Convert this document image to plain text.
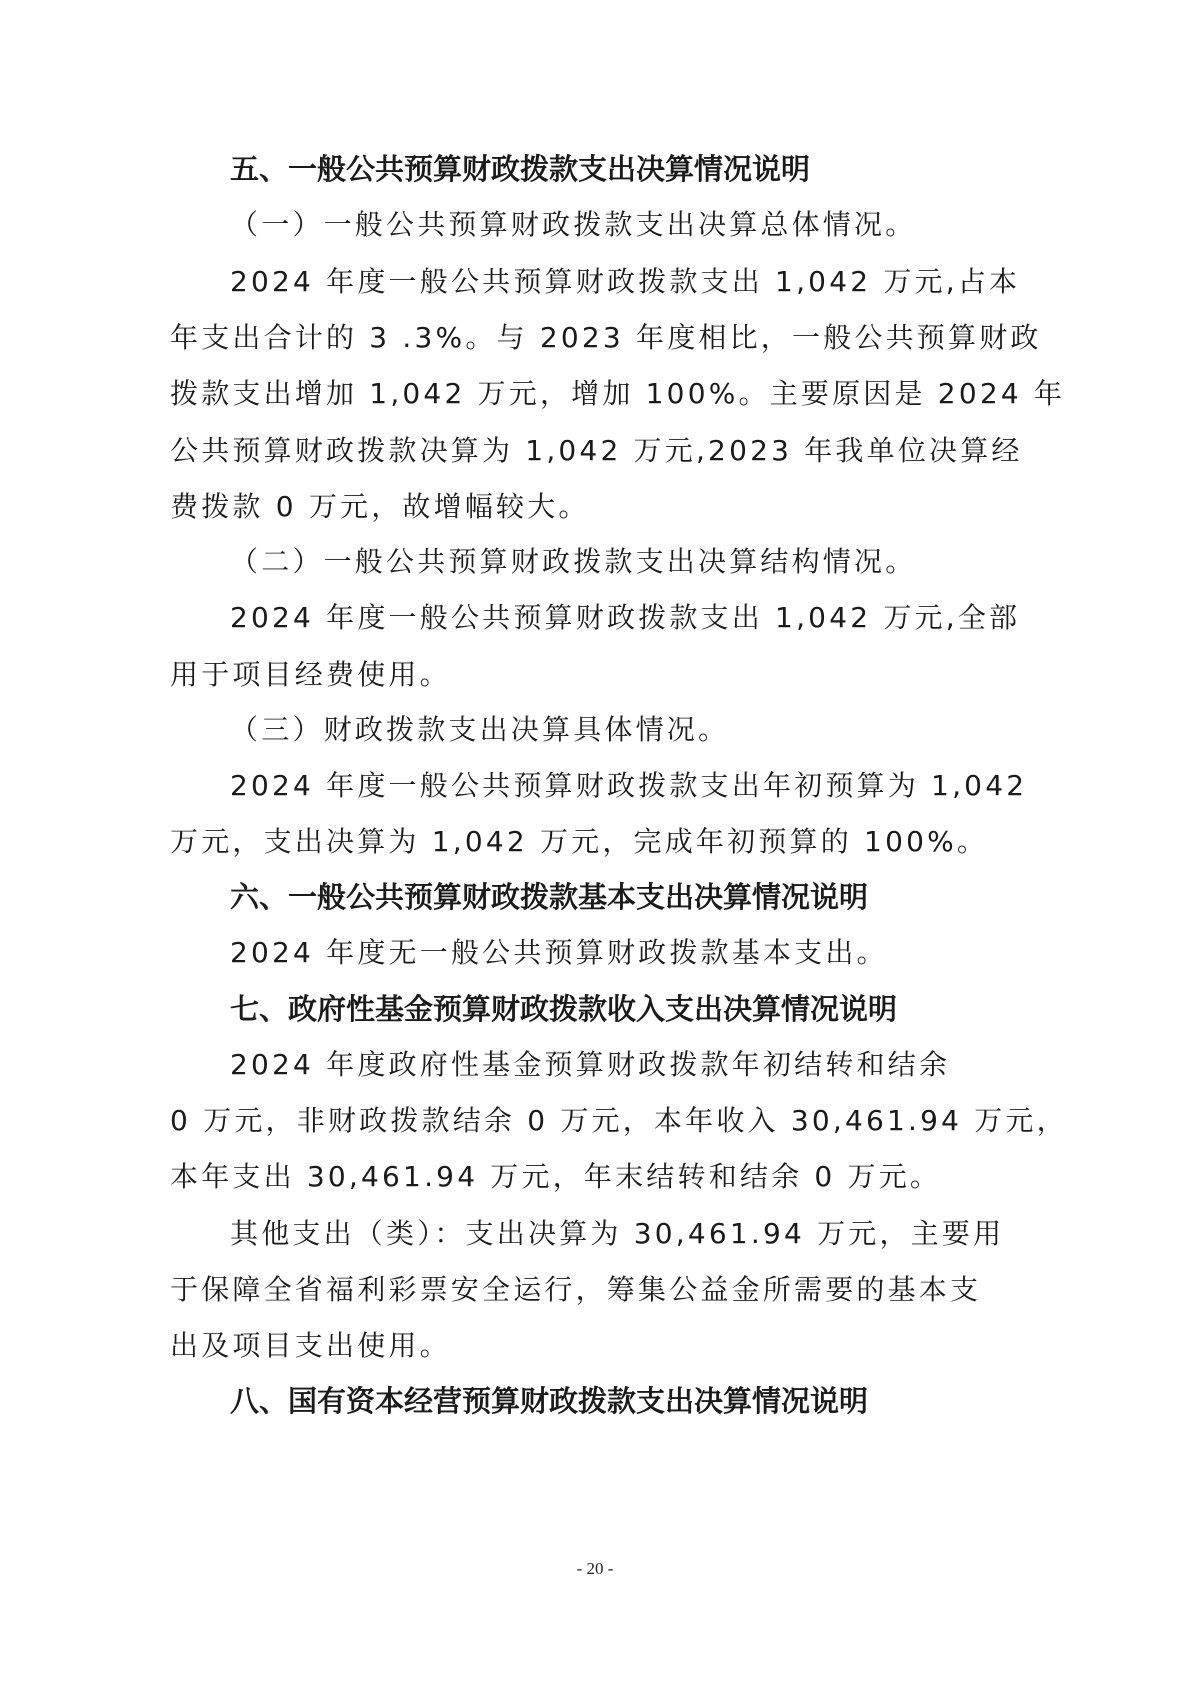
五、一般公共预算财政拨款支出决算情况说明
（一）一般公共预算财政拨款支出决算总体情况。
2024 年度一般公共预算财政拨款支出 1,042 万元,占本
年支出合计的 3 .3%。与 2023 年度相比，一般公共预算财政
拨款支出增加 1,042 万元，增加 100%。主要原因是 2024 年
公共预算财政拨款决算为 1,042 万元,2023 年我单位决算经
费拨款 0 万元，故增幅较大。
（二）一般公共预算财政拨款支出决算结构情况。
2024 年度一般公共预算财政拨款支出 1,042 万元,全部
用于项目经费使用。
（三）财政拨款支出决算具体情况。
2024 年度一般公共预算财政拨款支出年初预算为 1,042
万元，支出决算为 1,042 万元，完成年初预算的 100%。
六、一般公共预算财政拨款基本支出决算情况说明
2024 年度无一般公共预算财政拨款基本支出。
七、政府性基金预算财政拨款收入支出决算情况说明
2024 年度政府性基金预算财政拨款年初结转和结余
0 万元，非财政拨款结余 0 万元，本年收入 30,461.94 万元，
本年支出 30,461.94 万元，年末结转和结余 0 万元。
其他支出（类）：支出决算为 30,461.94 万元，主要用
于保障全省福利彩票安全运行，筹集公益金所需要的基本支
出及项目支出使用。
八、国有资本经营预算财政拨款支出决算情况说明
- 20 -
